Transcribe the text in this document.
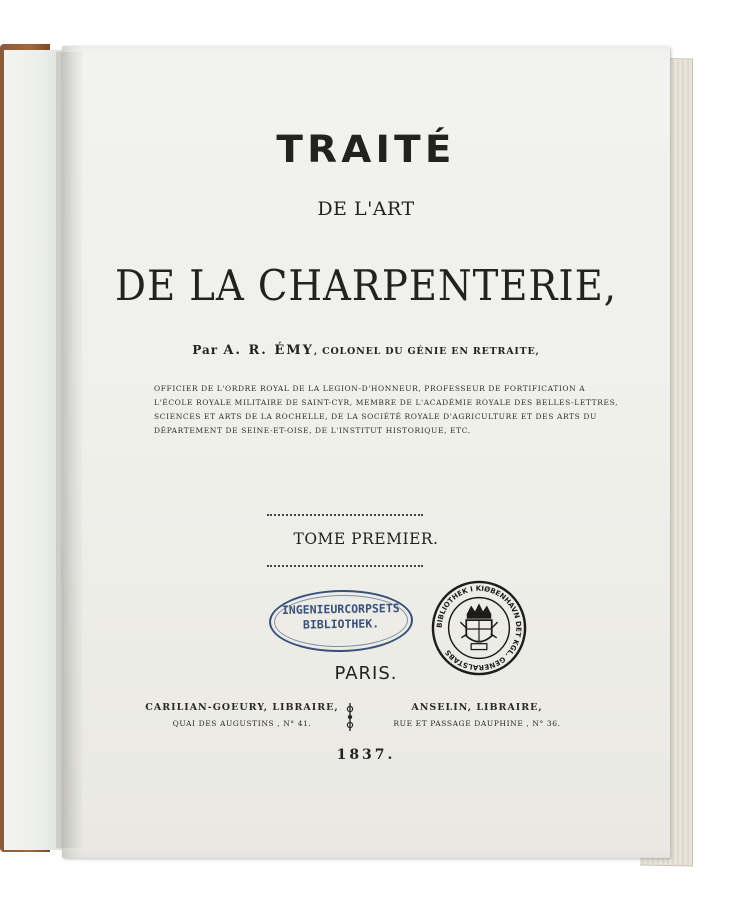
TRAITÉ
DE L'ART
DE LA CHARPENTERIE,
Par A. R. ÉMY, COLONEL DU GÉNIE EN RETRAITE,
OFFICIER DE L'ORDRE ROYAL DE LA LEGION-D'HONNEUR, PROFESSEUR DE FORTIFICATION A
L'ÉCOLE ROYALE MILITAIRE DE SAINT-CYR, MEMBRE DE L'ACADÉMIE ROYALE DES BELLES-LETTRES,
SCIENCES ET ARTS DE LA ROCHELLE, DE LA SOCIÉTÉ ROYALE D'AGRICULTURE ET DES ARTS DU
DÉPARTEMENT DE SEINE-ET-OISE, DE L'INSTITUT HISTORIQUE, ETC.
TOME PREMIER.
INGENIEURCORPSETS
BIBLIOTHEK.	BIBLIOTHEK I KIØBENHAVN DET KGL. GENERALSTABS
PARIS.
CARILIAN-GOEURY, LIBRAIRE,
QUAI DES AUGUSTINS , N° 41.
ANSELIN, LIBRAIRE,
RUE ET PASSAGE DAUPHINE , N° 36.
1837.
